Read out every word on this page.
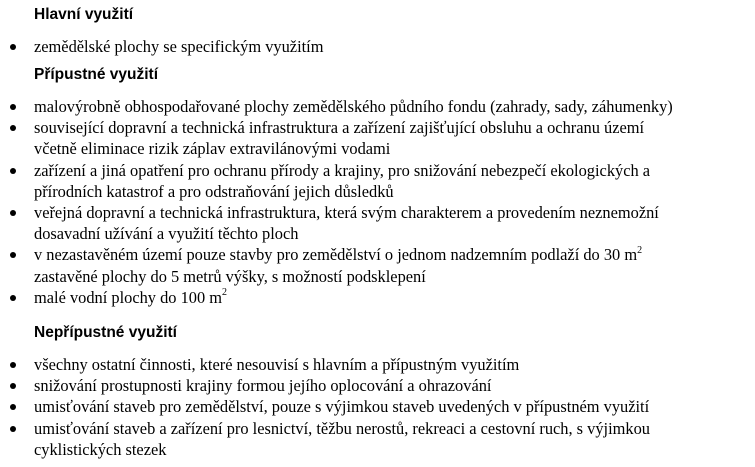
Hlavní využití
zemědělské plochy se specifickým využitím
Přípustné využití
malovýrobně obhospodařované plochy zemědělského půdního fondu (zahrady, sady, záhumenky)
související dopravní a technická infrastruktura a zařízení zajišťující obsluhu a ochranu území
včetně eliminace rizik záplav extravilánovými vodami
zařízení a jiná opatření pro ochranu přírody a krajiny, pro snižování nebezpečí ekologických a
přírodních katastrof a pro odstraňování jejich důsledků
veřejná dopravní a technická infrastruktura, která svým charakterem a provedením neznemožní
dosavadní užívání a využití těchto ploch
v nezastavěném území pouze stavby pro zemědělství o jednom nadzemním podlaží do 30 $m^2$
zastavěné plochy do 5 metrů výšky, s možností podsklepení
malé vodní plochy do 100 $m^2$
Nepřípustné využití
všechny ostatní činnosti, které nesouvisí s hlavním a přípustným využitím
snižování prostupnosti krajiny formou jejího oplocování a ohrazování
umisťování staveb pro zemědělství, pouze s výjimkou staveb uvedených v přípustném využití
umisťování staveb a zařízení pro lesnictví, těžbu nerostů, rekreaci a cestovní ruch, s výjimkou
cyklistických stezek
